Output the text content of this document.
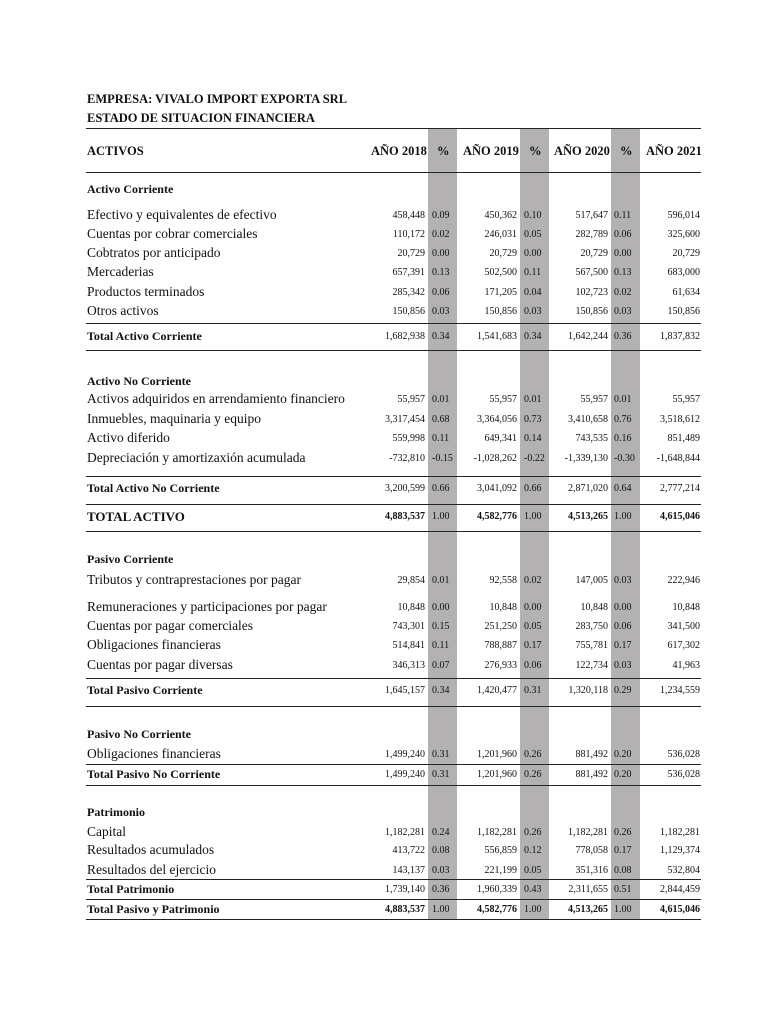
EMPRESA: VIVALO IMPORT EXPORTA SRL
ESTADO DE SITUACION FINANCIERA
ACTIVOS	AÑO 2018 % AÑO 2019 % AÑO 2020 % AÑO 2021
Activo Corriente
Activo No Corriente
Pasivo Corriente
Pasivo No Corriente
Patrimonio
Efectivo y equivalentes de efectivo	458,448 0.09	450,362 0.10	517,647 0.11	596,014
Cuentas por cobrar comerciales	110,172 0.02	246,031 0.05	282,789 0.06	325,600
Cobtratos por anticipado	20,729 0.00	20,729 0.00	20,729 0.00	20,729
Mercaderias	657,391 0.13	502,500 0.11	567,500 0.13	683,000
Productos terminados	285,342 0.06	171,205 0.04	102,723 0.02	61,634
Otros activos	150,856 0.03	150,856 0.03	150,856 0.03	150,856
Total Activo Corriente	1,682,938 0.34	1,541,683 0.34	1,642,244 0.36	1,837,832
Activos adquiridos en arrendamiento financiero	55,957 0.01	55,957 0.01	55,957 0.01	55,957
Inmuebles, maquinaria y equipo	3,317,454 0.68	3,364,056 0.73	3,410,658 0.76	3,518,612
Activo diferido	559,998 0.11	649,341 0.14	743,535 0.16	851,489
Depreciación y amortizaxión acumulada	-732,810 -0.15	-1,028,262 -0.22	-1,339,130 -0.30	-1,648,844
Total Activo No Corriente	3,200,599 0.66	3,041,092 0.66	2,871,020 0.64	2,777,214
TOTAL ACTIVO	4,883,537 1.00	4,582,776 1.00	4,513,265 1.00	4,615,046
Tributos y contraprestaciones por pagar	29,854 0.01	92,558 0.02	147,005 0.03	222,946
Remuneraciones y participaciones por pagar	10,848 0.00	10,848 0.00	10,848 0.00	10,848
Cuentas por pagar comerciales	743,301 0.15	251,250 0.05	283,750 0.06	341,500
Obligaciones financieras	514,841 0.11	788,887 0.17	755,781 0.17	617,302
Cuentas por pagar diversas	346,313 0.07	276,933 0.06	122,734 0.03	41,963
Total Pasivo Corriente	1,645,157 0.34	1,420,477 0.31	1,320,118 0.29	1,234,559
Obligaciones financieras	1,499,240 0.31	1,201,960 0.26	881,492 0.20	536,028
Total Pasivo No Corriente	1,499,240 0.31	1,201,960 0.26	881,492 0.20	536,028
Capital	1,182,281 0.24	1,182,281 0.26	1,182,281 0.26	1,182,281
Resultados acumulados	413,722 0.08	556,859 0.12	778,058 0.17	1,129,374
Resultados del ejercicio	143,137 0.03	221,199 0.05	351,316 0.08	532,804
Total Patrimonio	1,739,140 0.36	1,960,339 0.43	2,311,655 0.51	2,844,459
Total Pasivo y Patrimonio	4,883,537 1.00	4,582,776 1.00	4,513,265 1.00	4,615,046
